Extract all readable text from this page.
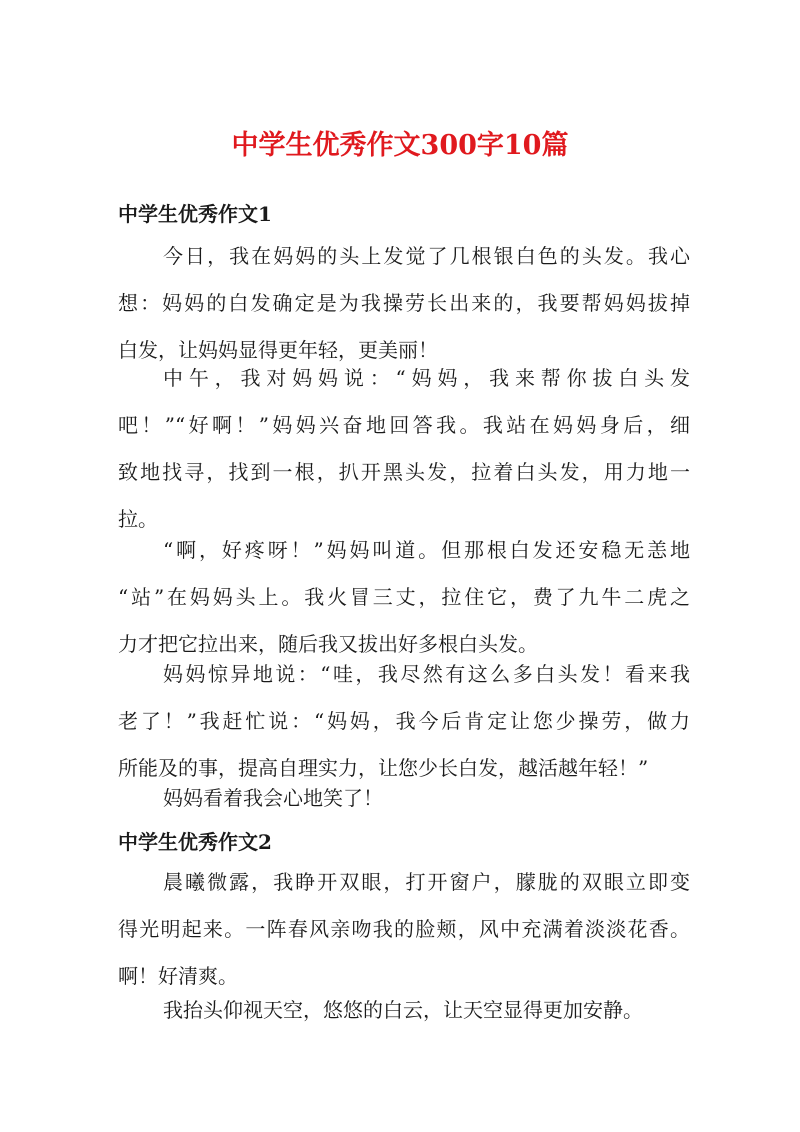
中学生优秀作文300字10篇
中学生优秀作文1

今日，我在妈妈的头上发觉了几根银白色的头发。我心
想：妈妈的白发确定是为我操劳长出来的，我要帮妈妈拔掉
白发，让妈妈显得更年轻，更美丽！

中午，我对妈妈说：“妈妈，我来帮你拔白头发
吧！”“好啊！”妈妈兴奋地回答我。我站在妈妈身后，细
致地找寻，找到一根，扒开黑头发，拉着白头发，用力地一
拉。

“啊，好疼呀！”妈妈叫道。但那根白发还安稳无恙地
“站”在妈妈头上。我火冒三丈，拉住它，费了九牛二虎之
力才把它拉出来，随后我又拔出好多根白头发。

妈妈惊异地说：“哇，我尽然有这么多白头发！看来我
老了！”我赶忙说：“妈妈，我今后肯定让您少操劳，做力
所能及的事，提高自理实力，让您少长白发，越活越年轻！”

妈妈看着我会心地笑了！

中学生优秀作文2

晨曦微露，我睁开双眼，打开窗户，朦胧的双眼立即变
得光明起来。一阵春风亲吻我的脸颊，风中充满着淡淡花香。
啊！好清爽。

我抬头仰视天空，悠悠的白云，让天空显得更加安静。
